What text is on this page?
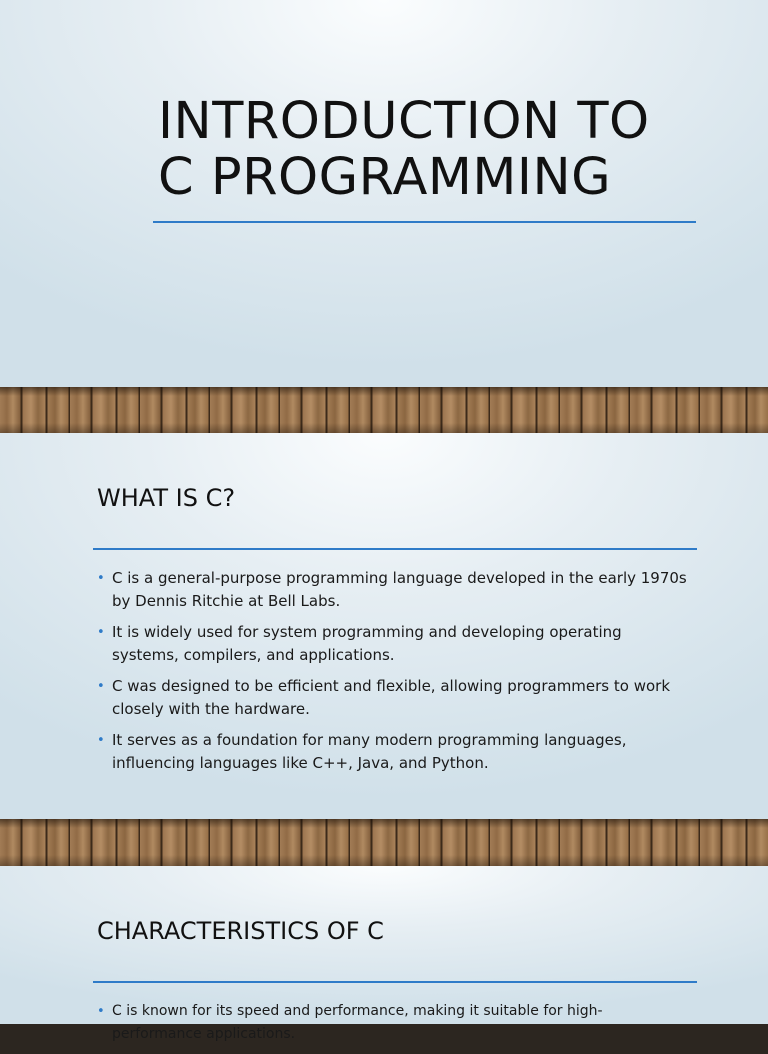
INTRODUCTION TO
C PROGRAMMING
WHAT IS C?
• C is a general-purpose programming language developed in the early 1970s by Dennis Ritchie at Bell Labs.
• It is widely used for system programming and developing operating systems, compilers, and applications.
• C was designed to be efficient and flexible, allowing programmers to work closely with the hardware.
• It serves as a foundation for many modern programming languages, influencing languages like C++, Java, and Python.
CHARACTERISTICS OF C
• C is known for its speed and performance, making it suitable for high-performance applications.
